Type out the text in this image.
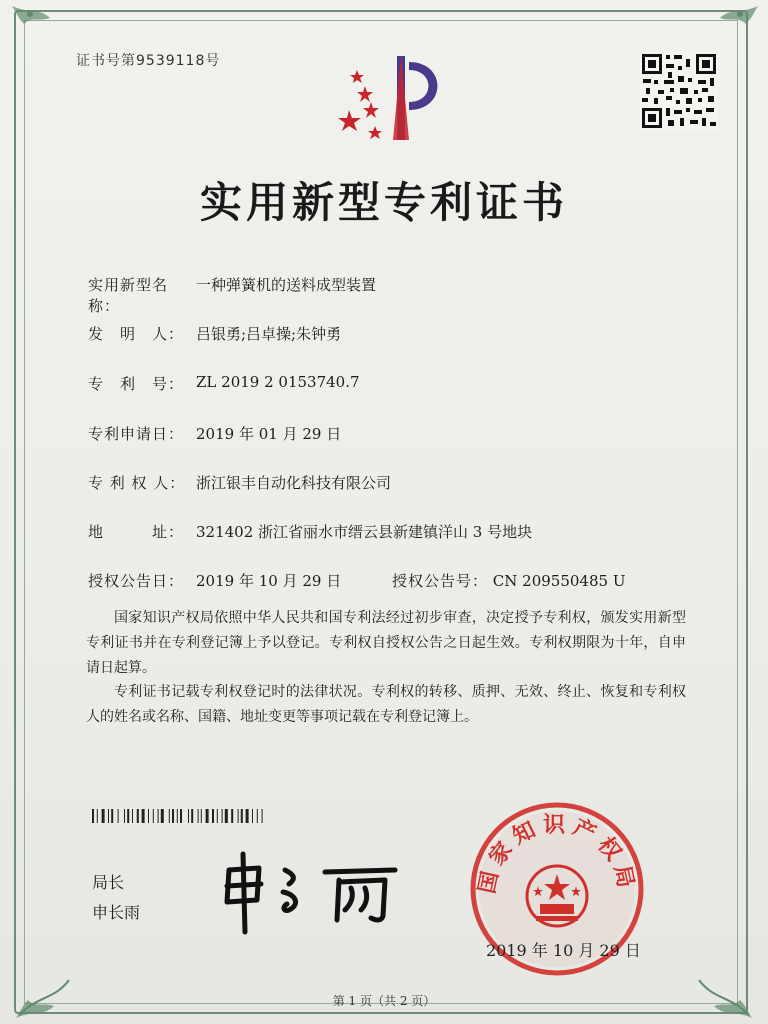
证书号第9539118号
实用新型专利证书
实用新型名称：
一种弹簧机的送料成型装置
发　明　人： 吕银勇;吕卓操;朱钟勇
专　利　号： ZL 2019 2 0153740.7
专利申请日： 2019 年 01 月 29 日
专 利 权 人： 浙江银丰自动化科技有限公司
地　　　址： 321402 浙江省丽水市缙云县新建镇洋山 3 号地块
授权公告日： 2019 年 10 月 29 日	授权公告号： CN 209550485 U
国家知识产权局依照中华人民共和国专利法经过初步审查，决定授予专利权，颁发实用新型专利证书并在专利登记簿上予以登记。专利权自授权公告之日起生效。专利权期限为十年，自申请日起算。
专利证书记载专利权登记时的法律状况。专利权的转移、质押、无效、终止、恢复和专利权人的姓名或名称、国籍、地址变更等事项记载在专利登记簿上。
局长
申长雨
国家知识产权局
2019 年 10 月 29 日
第 1 页（共 2 页）
